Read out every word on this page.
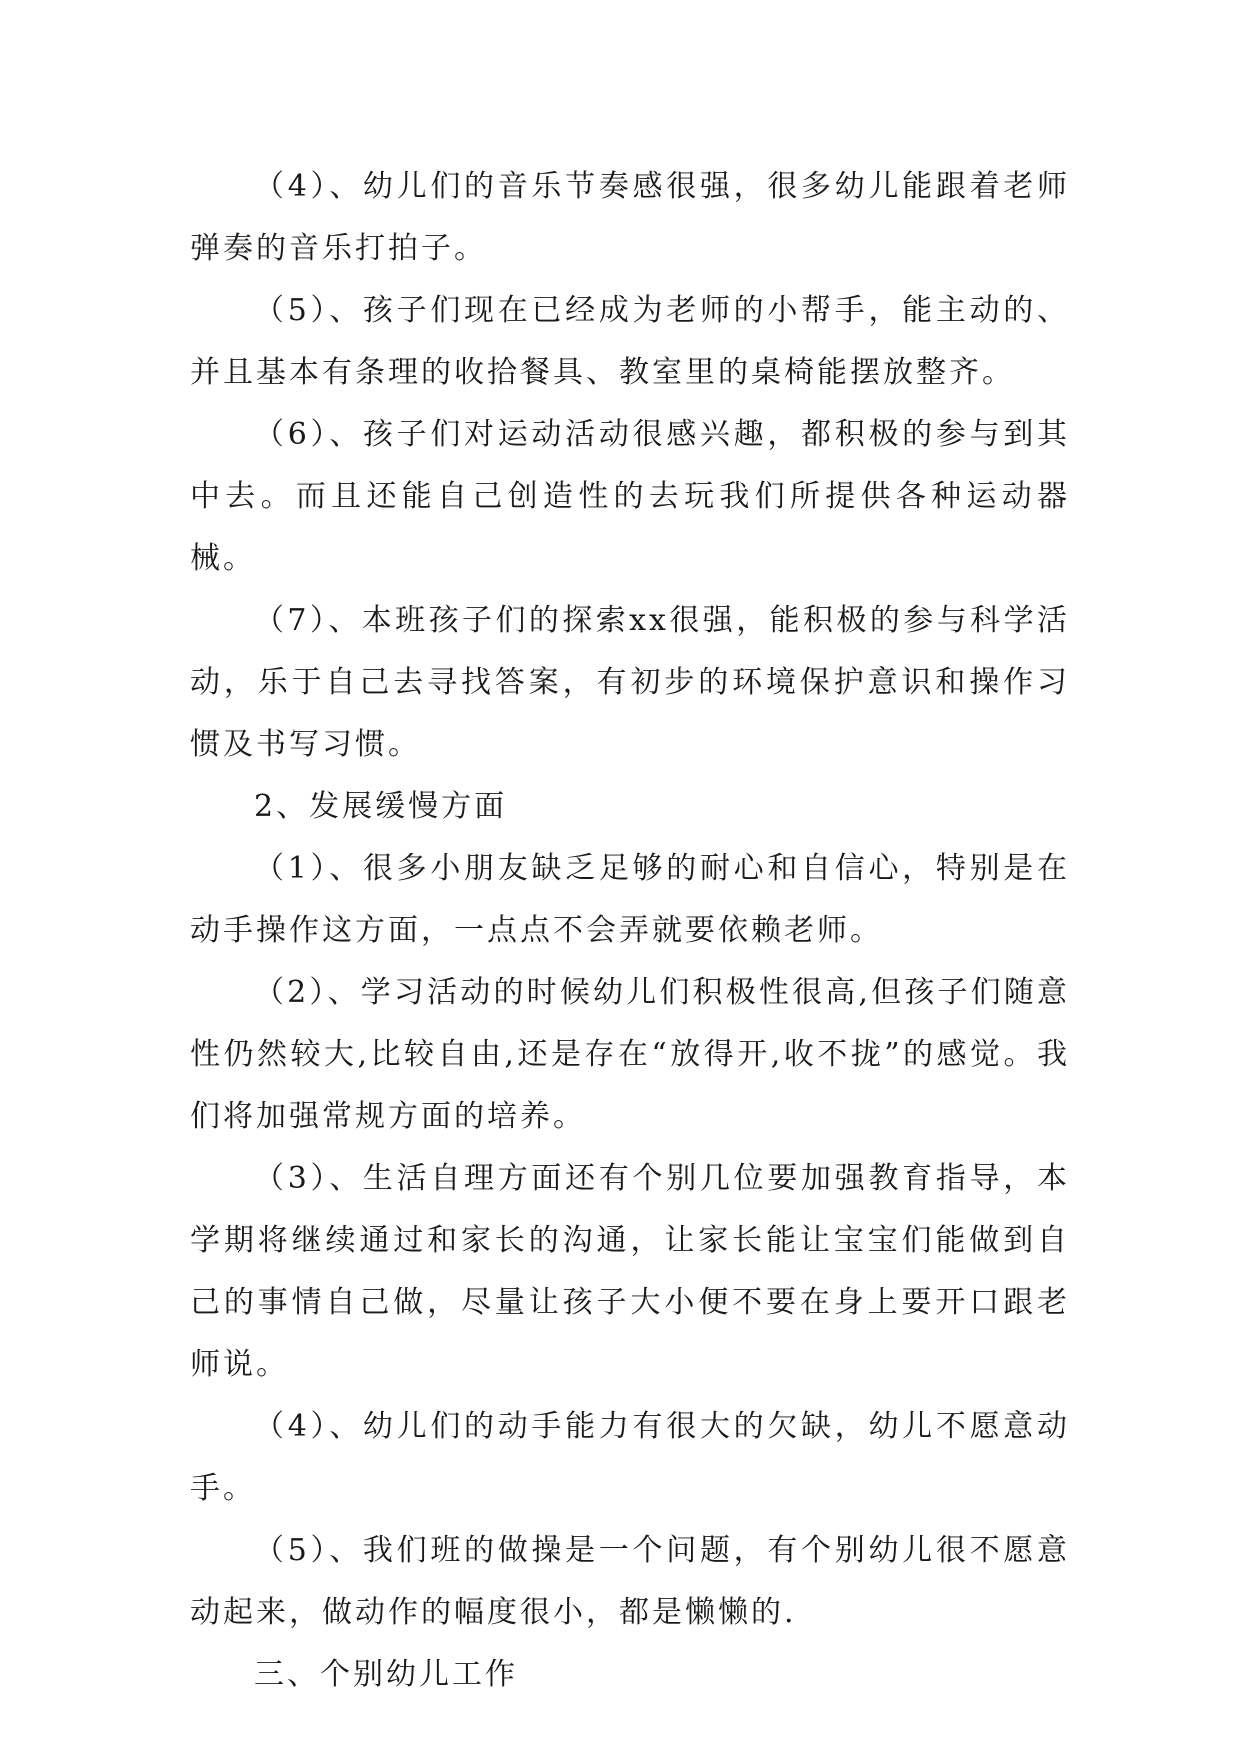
（4）、幼儿们的音乐节奏感很强，很多幼儿能跟着老师弹奏的音乐打拍子。

（5）、孩子们现在已经成为老师的小帮手，能主动的、并且基本有条理的收拾餐具、教室里的桌椅能摆放整齐。

（6）、孩子们对运动活动很感兴趣，都积极的参与到其中去。而且还能自己创造性的去玩我们所提供各种运动器械。

（7）、本班孩子们的探索xx很强，能积极的参与科学活动，乐于自己去寻找答案，有初步的环境保护意识和操作习惯及书写习惯。

2、发展缓慢方面

（1）、很多小朋友缺乏足够的耐心和自信心，特别是在动手操作这方面，一点点不会弄就要依赖老师。

（2）、学习活动的时候幼儿们积极性很高,但孩子们随意性仍然较大,比较自由,还是存在“放得开,收不拢”的感觉。我们将加强常规方面的培养。

（3）、生活自理方面还有个别几位要加强教育指导，本学期将继续通过和家长的沟通，让家长能让宝宝们能做到自己的事情自己做，尽量让孩子大小便不要在身上要开口跟老师说。

（4）、幼儿们的动手能力有很大的欠缺，幼儿不愿意动手。

（5）、我们班的做操是一个问题，有个别幼儿很不愿意动起来，做动作的幅度很小，都是懒懒的.

三、个别幼儿工作
